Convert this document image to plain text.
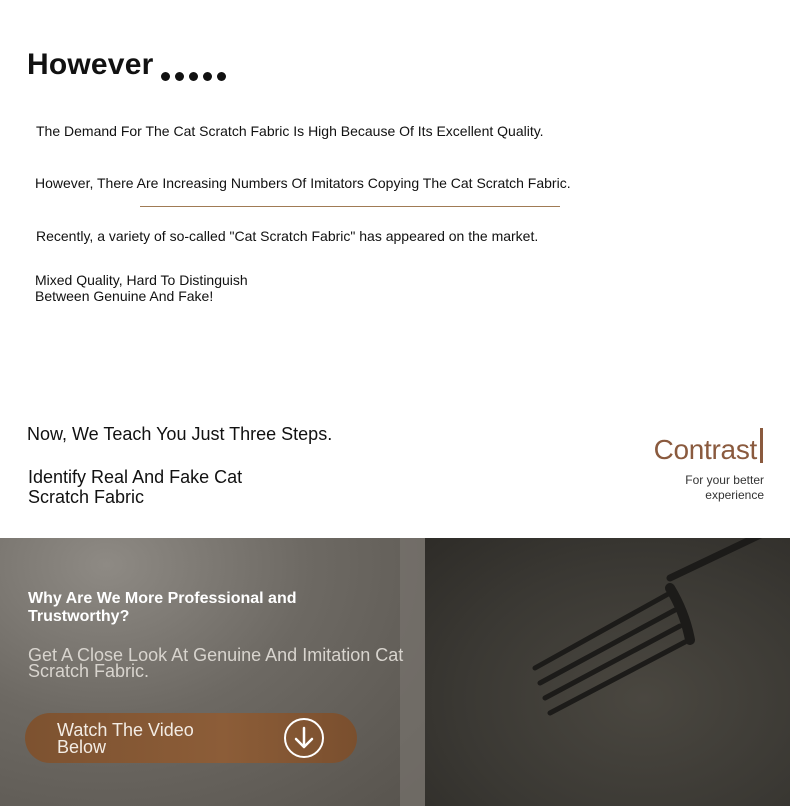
However
The Demand For The Cat Scratch Fabric Is High Because Of Its Excellent Quality.
However, There Are Increasing Numbers Of Imitators Copying The Cat Scratch Fabric.
Recently, a variety of so-called "Cat Scratch Fabric" has appeared on the market.
Mixed Quality, Hard To Distinguish Between Genuine And Fake!
Now, We Teach You Just Three Steps.
Identify Real And Fake Cat Scratch Fabric
Contrast
For your better
experience
Why Are We More Professional and Trustworthy?
Get A Close Look At Genuine And Imitation Cat Scratch Fabric.
Watch The Video Below
